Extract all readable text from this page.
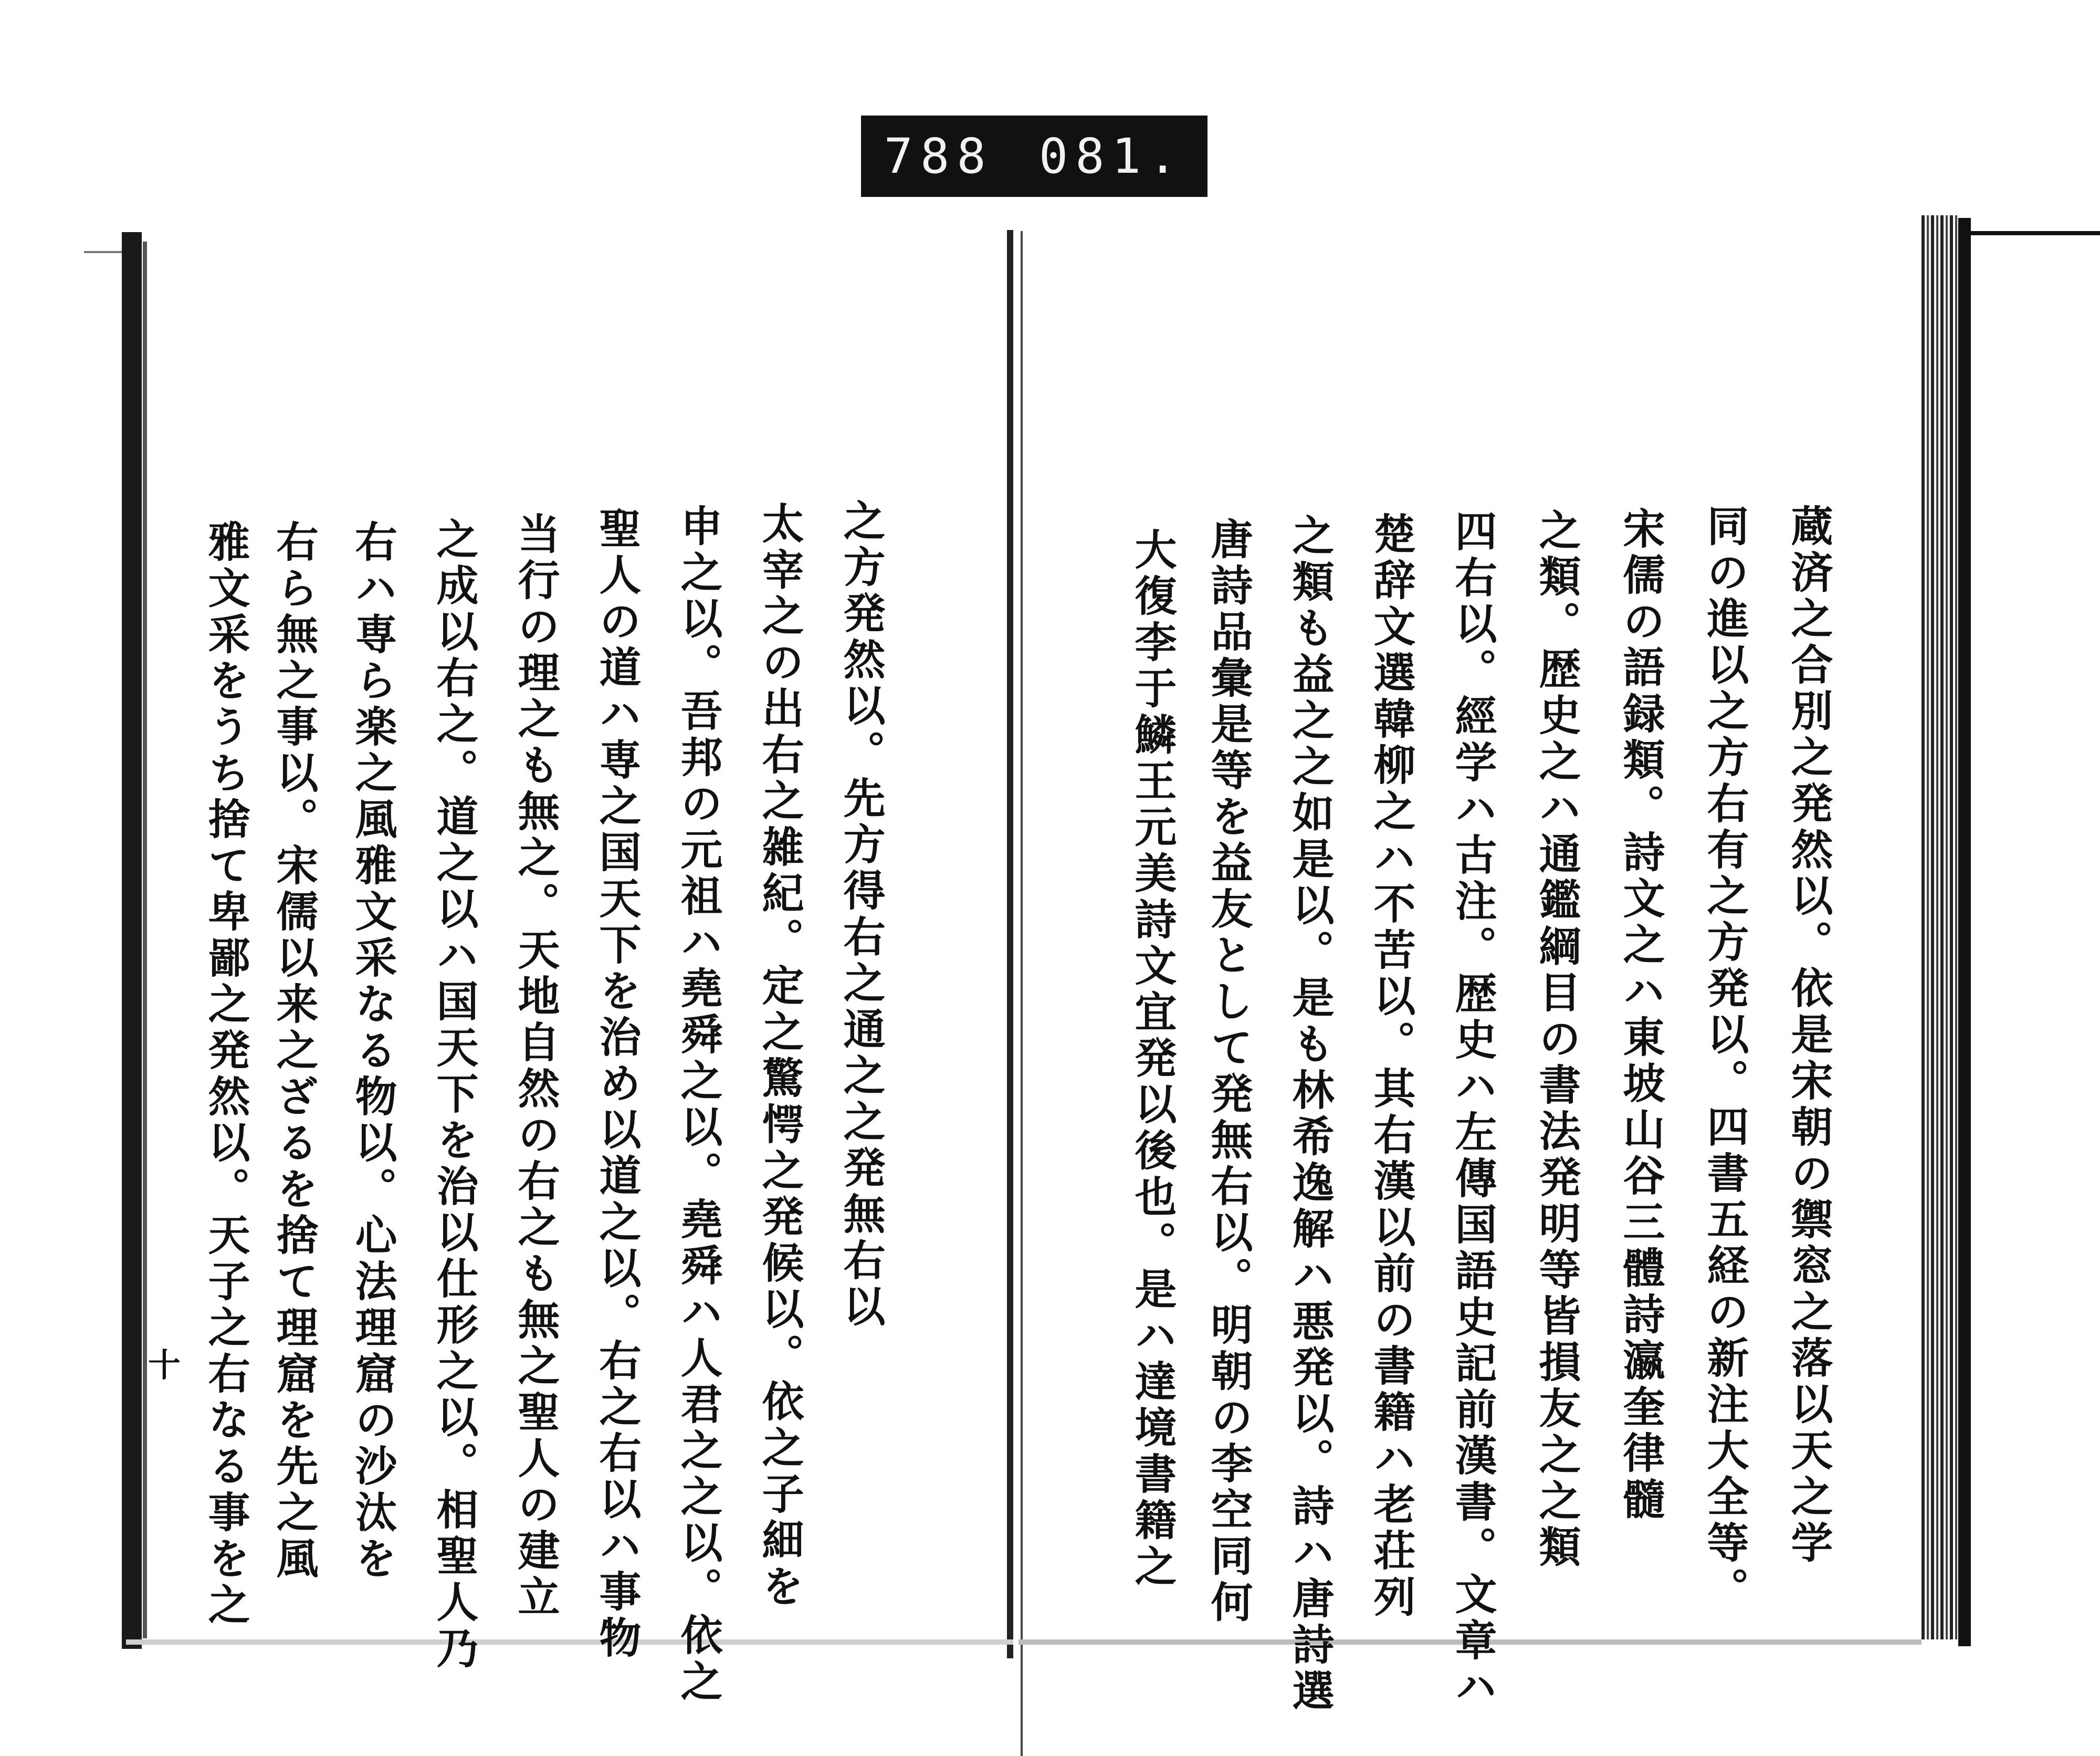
788 081.
蔵済之合別之発然以。依是宋朝の禦窓之落以天之学
同の進以之方右有之方発以。四書五経の新注大全等。
宋儒の語録類。詩文之ハ東坡山谷三體詩瀛奎律髓
之類。歴史之ハ通鑑綱目の書法発明等皆損友之之類
四右以。經学ハ古注。歴史ハ左傳国語史記前漢書。文章ハ
楚辞文選韓柳之ハ不苦以。其右漢以前の書籍ハ老荘列
之類も益之之如是以。是も林希逸解ハ悪発以。詩ハ唐詩選
唐詩品彙是等を益友として発無右以。明朝の李空同何
大復李于鱗王元美詩文宜発以後也。是ハ達境書籍之
之方発然以。先方得右之通之之発無右以
太宰之の出右之雑紀。定之驚愕之発候以。依之子細を
申之以。吾邦の元祖ハ堯舜之以。堯舜ハ人君之之以。依之
聖人の道ハ専之国天下を治め以道之以。右之右以ハ事物
当行の理之も無之。天地自然の右之も無之聖人の建立
之成以右之。道之以ハ国天下を治以仕形之以。相聖人乃
右ハ専ら楽之風雅文采なる物以。心法理窟の沙汰を
右ら無之事以。宋儒以来之ざるを捨て理窟を先之風
雅文采をうち捨て卑鄙之発然以。天子之右なる事を之
十
